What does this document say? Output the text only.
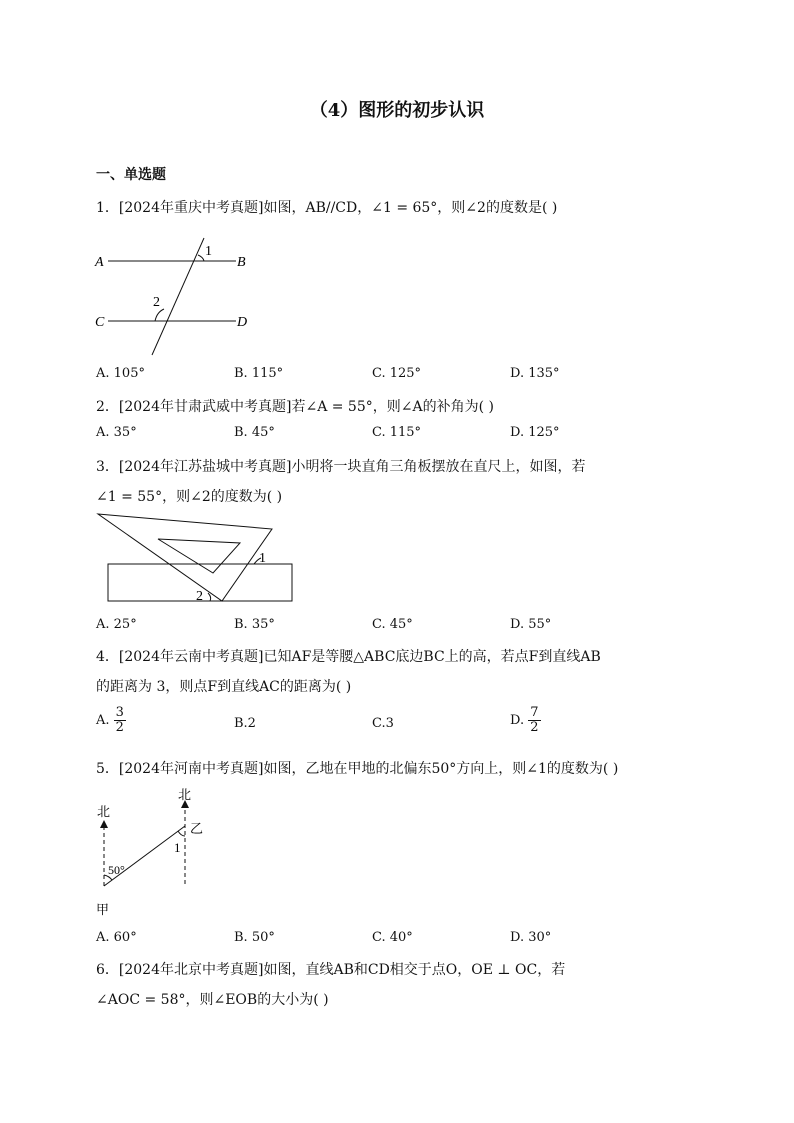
（4）图形的初步认识
一、单选题
1．[2024年重庆中考真题]如图，AB//CD，∠1 = 65°，则∠2的度数是( )
A	B
C	D
1
2
A. 105°	B. 115°	C. 125°	D. 135°
2．[2024年甘肃武威中考真题]若∠A = 55°，则∠A的补角为( )
A. 35°	B. 45°	C. 115°	D. 125°
3．[2024年江苏盐城中考真题]小明将一块直角三角板摆放在直尺上，如图，若
∠1 = 55°，则∠2的度数为( )
1
2
A. 25°	B. 35°	C. 45°	D. 55°
4．[2024年云南中考真题]已知AF是等腰△ABC底边BC上的高，若点F到直线AB
的距离为 3，则点F到直线AC的距离为( )
A. $\frac{3}{2}$	B.2	C.3	D. $\frac{7}{2}$
5．[2024年河南中考真题]如图，乙地在甲地的北偏东50°方向上，则∠1的度数为( )
北
北
乙
甲
50°
1
A. 60°	B. 50°	C. 40°	D. 30°
6．[2024年北京中考真题]如图，直线AB和CD相交于点O，OE ⊥ OC，若
∠AOC = 58°，则∠EOB的大小为( )
